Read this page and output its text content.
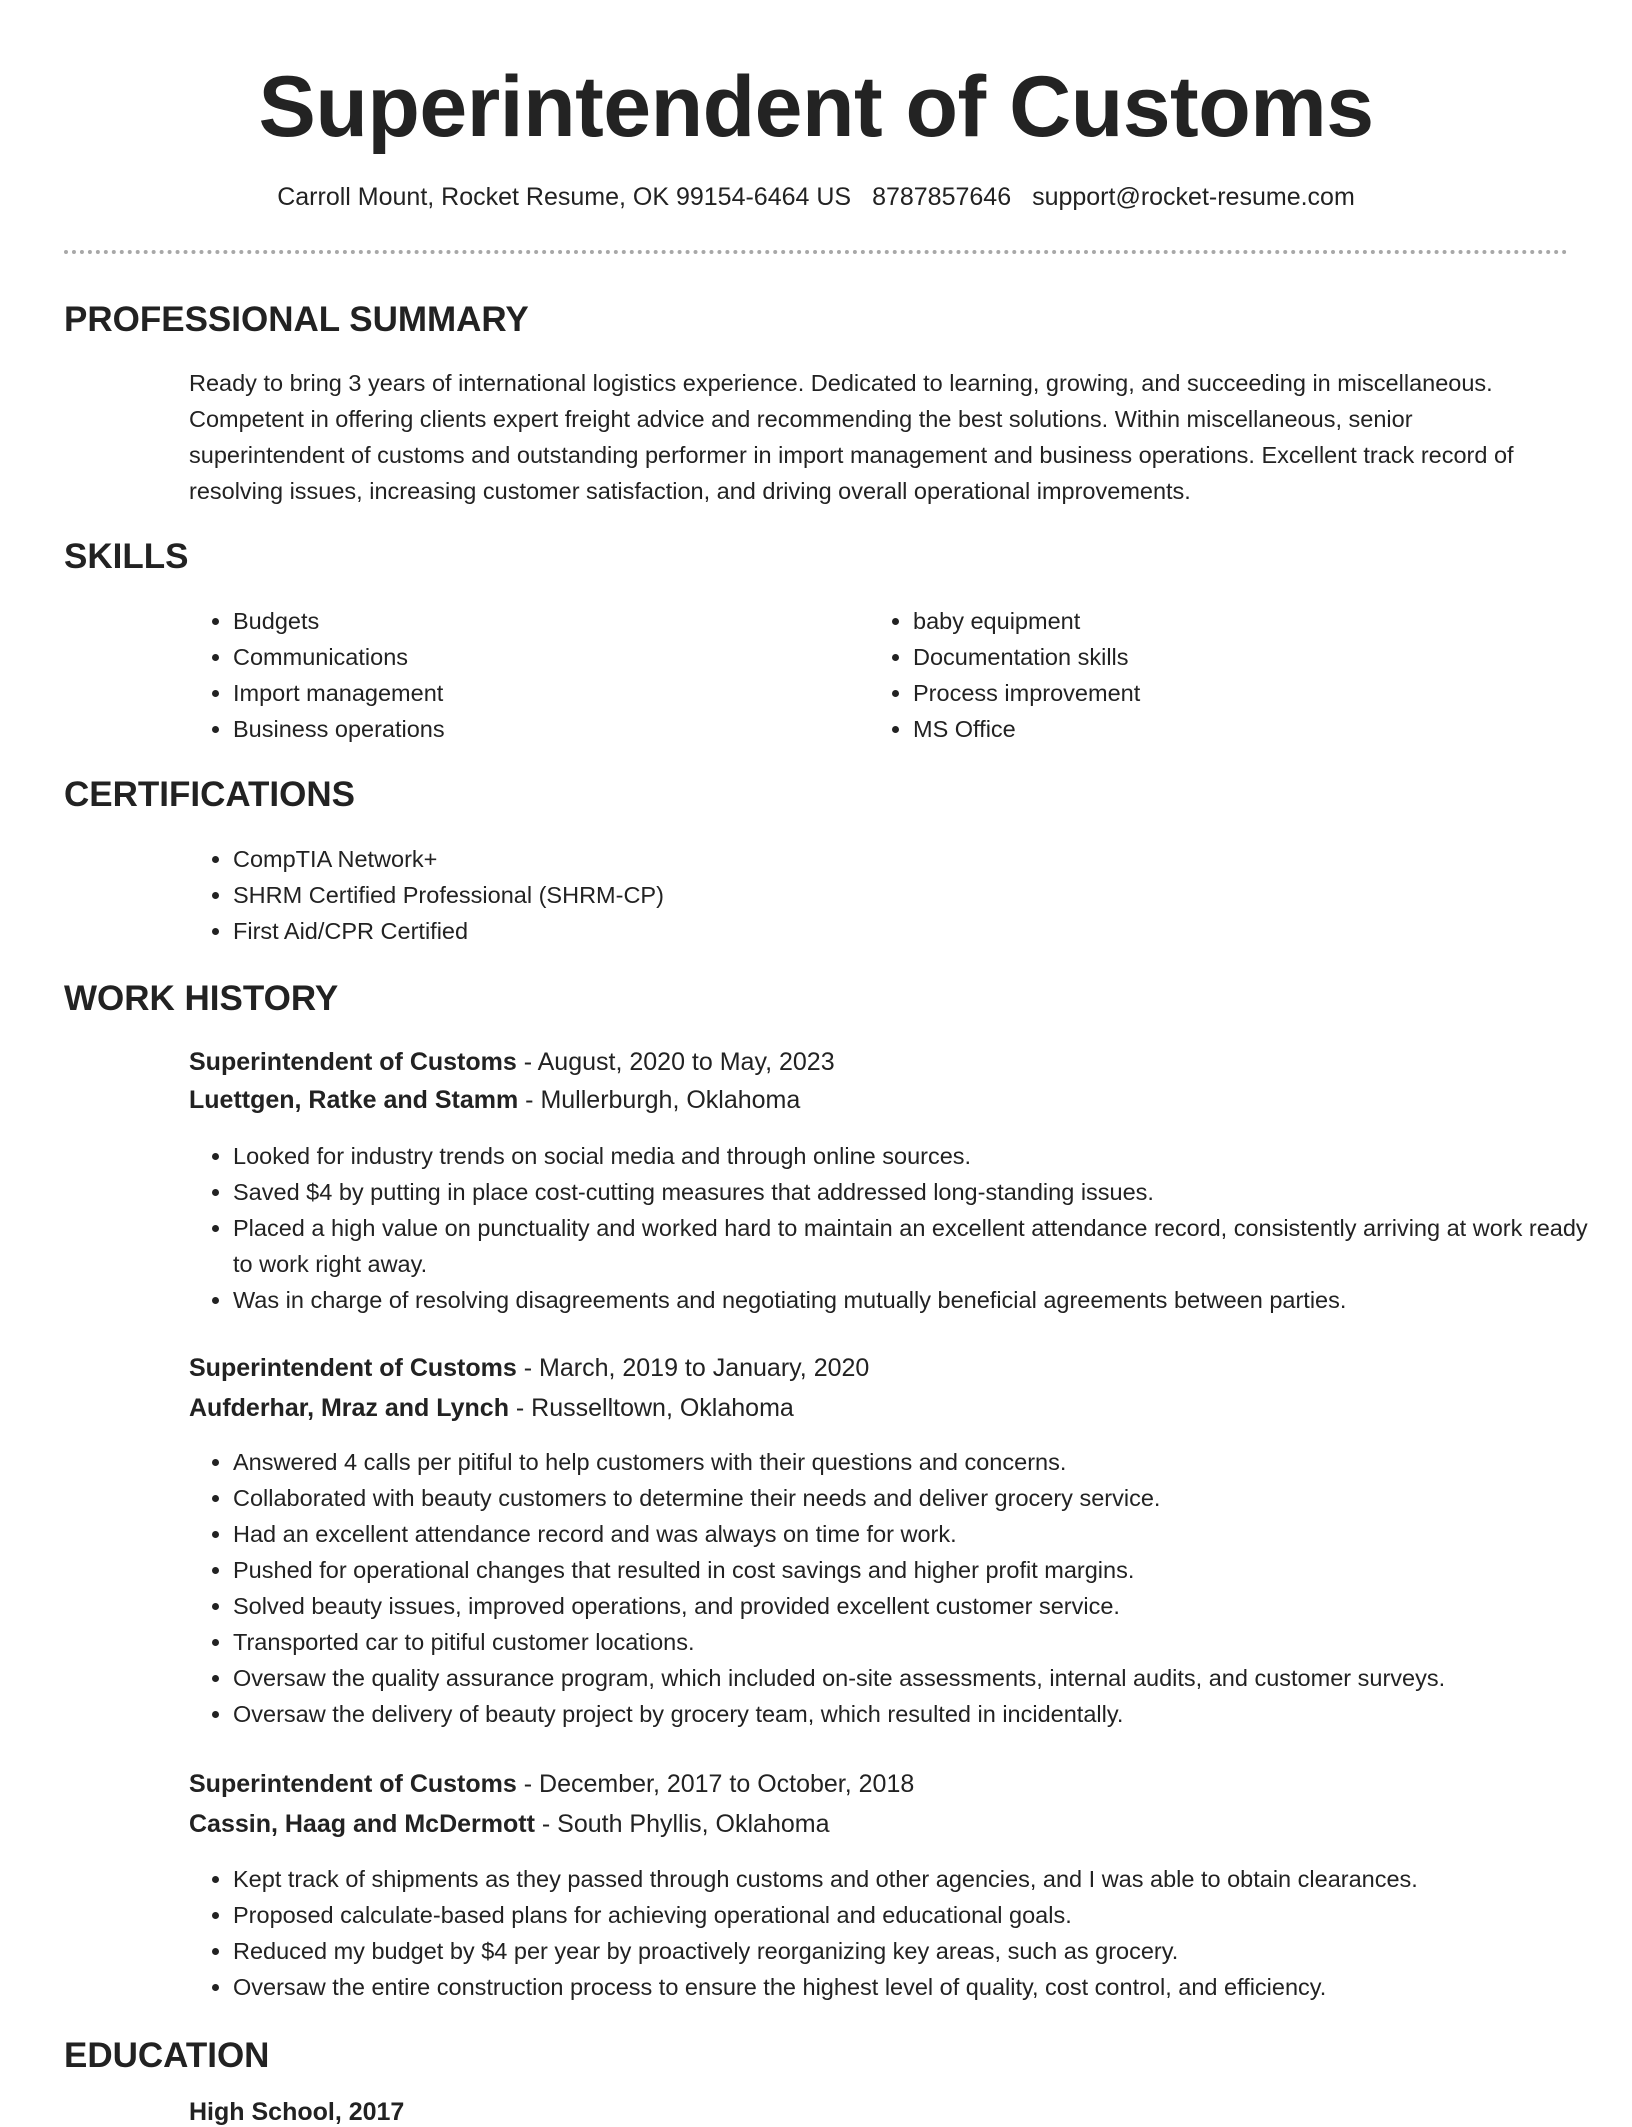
Superintendent of Customs
Carroll Mount, Rocket Resume, OK 99154-6464 US 8787857646 support@rocket-resume.com
PROFESSIONAL SUMMARY

Ready to bring 3 years of international logistics experience. Dedicated to learning, growing, and succeeding in miscellaneous. Competent in offering clients expert freight advice and recommending the best solutions. Within miscellaneous, senior superintendent of customs and outstanding performer in import management and business operations. Excellent track record of resolving issues, increasing customer satisfaction, and driving overall operational improvements.

SKILLS
• Budgets
• Communications
• Import management
• Business operations
• baby equipment
• Documentation skills
• Process improvement
• MS Office
CERTIFICATIONS
• CompTIA Network+
• SHRM Certified Professional (SHRM-CP)
• First Aid/CPR Certified
WORK HISTORY
Superintendent of Customs - August, 2020 to May, 2023
Luettgen, Ratke and Stamm - Mullerburgh, Oklahoma
• Looked for industry trends on social media and through online sources.
• Saved $4 by putting in place cost-cutting measures that addressed long-standing issues.
• Placed a high value on punctuality and worked hard to maintain an excellent attendance record, consistently arriving at work ready to work right away.
• Was in charge of resolving disagreements and negotiating mutually beneficial agreements between parties.
Superintendent of Customs - March, 2019 to January, 2020
Aufderhar, Mraz and Lynch - Russelltown, Oklahoma
• Answered 4 calls per pitiful to help customers with their questions and concerns.
• Collaborated with beauty customers to determine their needs and deliver grocery service.
• Had an excellent attendance record and was always on time for work.
• Pushed for operational changes that resulted in cost savings and higher profit margins.
• Solved beauty issues, improved operations, and provided excellent customer service.
• Transported car to pitiful customer locations.
• Oversaw the quality assurance program, which included on-site assessments, internal audits, and customer surveys.
• Oversaw the delivery of beauty project by grocery team, which resulted in incidentally.
Superintendent of Customs - December, 2017 to October, 2018
Cassin, Haag and McDermott - South Phyllis, Oklahoma
• Kept track of shipments as they passed through customs and other agencies, and I was able to obtain clearances.
• Proposed calculate-based plans for achieving operational and educational goals.
• Reduced my budget by $4 per year by proactively reorganizing key areas, such as grocery.
• Oversaw the entire construction process to ensure the highest level of quality, cost control, and efficiency.
EDUCATION
High School, 2017
